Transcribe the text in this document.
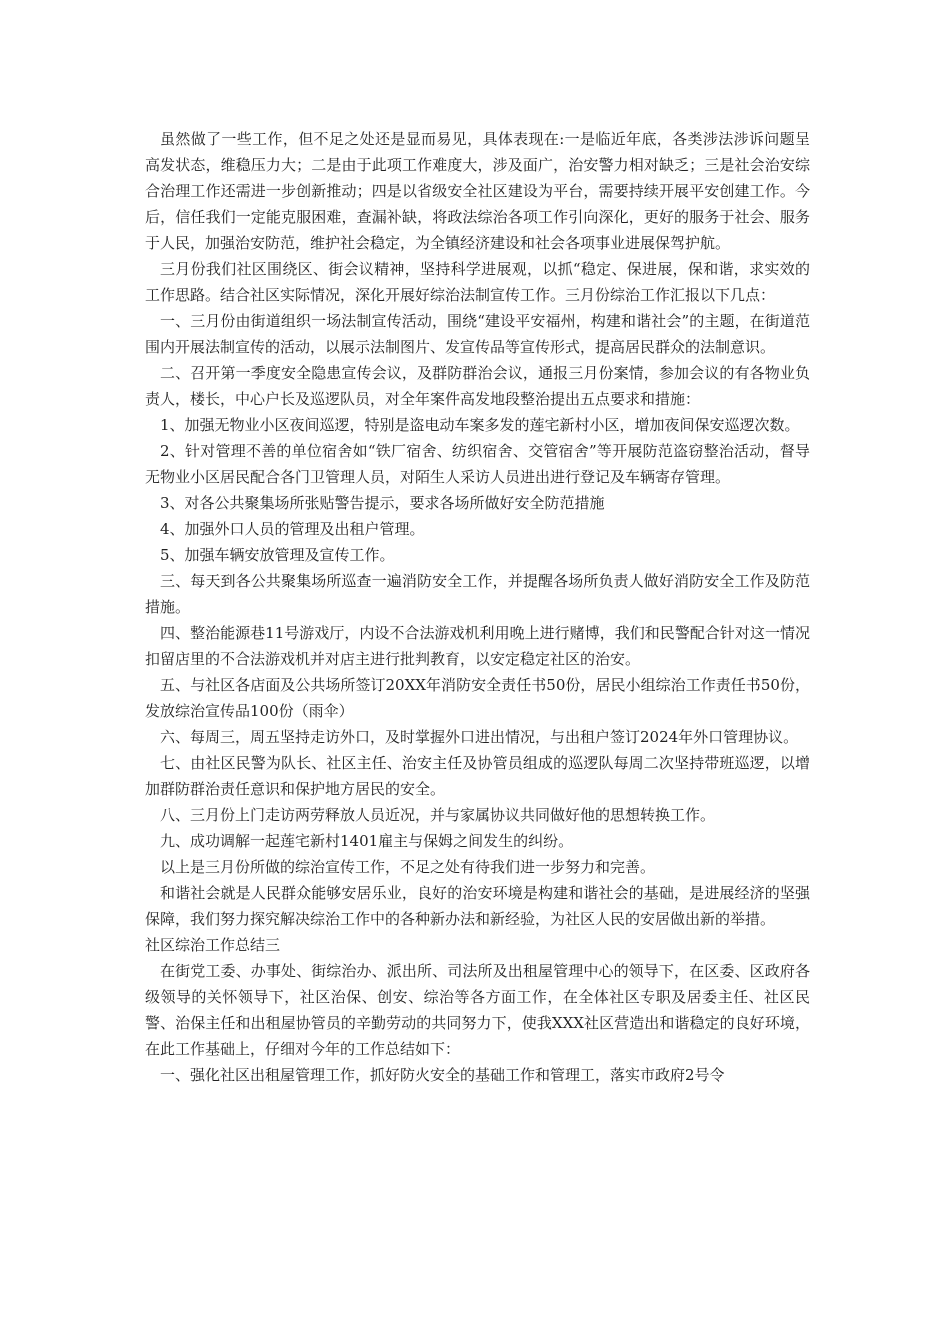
虽然做了一些工作，但不足之处还是显而易见，具体表现在:一是临近年底，各类涉法涉诉问题呈高发状态，维稳压力大；二是由于此项工作难度大，涉及面广，治安警力相对缺乏；三是社会治安综合治理工作还需进一步创新推动；四是以省级安全社区建设为平台，需要持续开展平安创建工作。今后，信任我们一定能克服困难，查漏补缺，将政法综治各项工作引向深化，更好的服务于社会、服务于人民，加强治安防范，维护社会稳定，为全镇经济建设和社会各项事业进展保驾护航。

三月份我们社区围绕区、街会议精神，坚持科学进展观，以抓“稳定、保进展，保和谐，求实效的工作思路。结合社区实际情况，深化开展好综治法制宣传工作。三月份综治工作汇报以下几点：

一、三月份由街道组织一场法制宣传活动，围绕“建设平安福州，构建和谐社会”的主题，在街道范围内开展法制宣传的活动，以展示法制图片、发宣传品等宣传形式，提高居民群众的法制意识。

二、召开第一季度安全隐患宣传会议，及群防群治会议，通报三月份案情，参加会议的有各物业负责人，楼长，中心户长及巡逻队员，对全年案件高发地段整治提出五点要求和措施：

1、加强无物业小区夜间巡逻，特别是盗电动车案多发的莲宅新村小区，增加夜间保安巡逻次数。

2、针对管理不善的单位宿舍如“铁厂宿舍、纺织宿舍、交管宿舍”等开展防范盗窃整治活动，督导无物业小区居民配合各门卫管理人员，对陌生人采访人员进出进行登记及车辆寄存管理。

3、对各公共聚集场所张贴警告提示，要求各场所做好安全防范措施

4、加强外口人员的管理及出租户管理。

5、加强车辆安放管理及宣传工作。

三、每天到各公共聚集场所巡查一遍消防安全工作，并提醒各场所负责人做好消防安全工作及防范措施。

四、整治能源巷11号游戏厅，内设不合法游戏机利用晚上进行赌博，我们和民警配合针对这一情况扣留店里的不合法游戏机并对店主进行批判教育，以安定稳定社区的治安。

五、与社区各店面及公共场所签订20XX年消防安全责任书50份，居民小组综治工作责任书50份，发放综治宣传品100份（雨伞）

六、每周三，周五坚持走访外口，及时掌握外口进出情况，与出租户签订2024年外口管理协议。

七、由社区民警为队长、社区主任、治安主任及协管员组成的巡逻队每周二次坚持带班巡逻，以增加群防群治责任意识和保护地方居民的安全。

八、三月份上门走访两劳释放人员近况，并与家属协议共同做好他的思想转换工作。

九、成功调解一起莲宅新村1401雇主与保姆之间发生的纠纷。

以上是三月份所做的综治宣传工作，不足之处有待我们进一步努力和完善。

和谐社会就是人民群众能够安居乐业，良好的治安环境是构建和谐社会的基础，是进展经济的坚强保障，我们努力探究解决综治工作中的各种新办法和新经验，为社区人民的安居做出新的举措。

社区综治工作总结三

在街党工委、办事处、街综治办、派出所、司法所及出租屋管理中心的领导下，在区委、区政府各级领导的关怀领导下，社区治保、创安、综治等各方面工作，在全体社区专职及居委主任、社区民警、治保主任和出租屋协管员的辛勤劳动的共同努力下，使我XXX社区营造出和谐稳定的良好环境，在此工作基础上，仔细对今年的工作总结如下：

一、强化社区出租屋管理工作，抓好防火安全的基础工作和管理工，落实市政府2号令
